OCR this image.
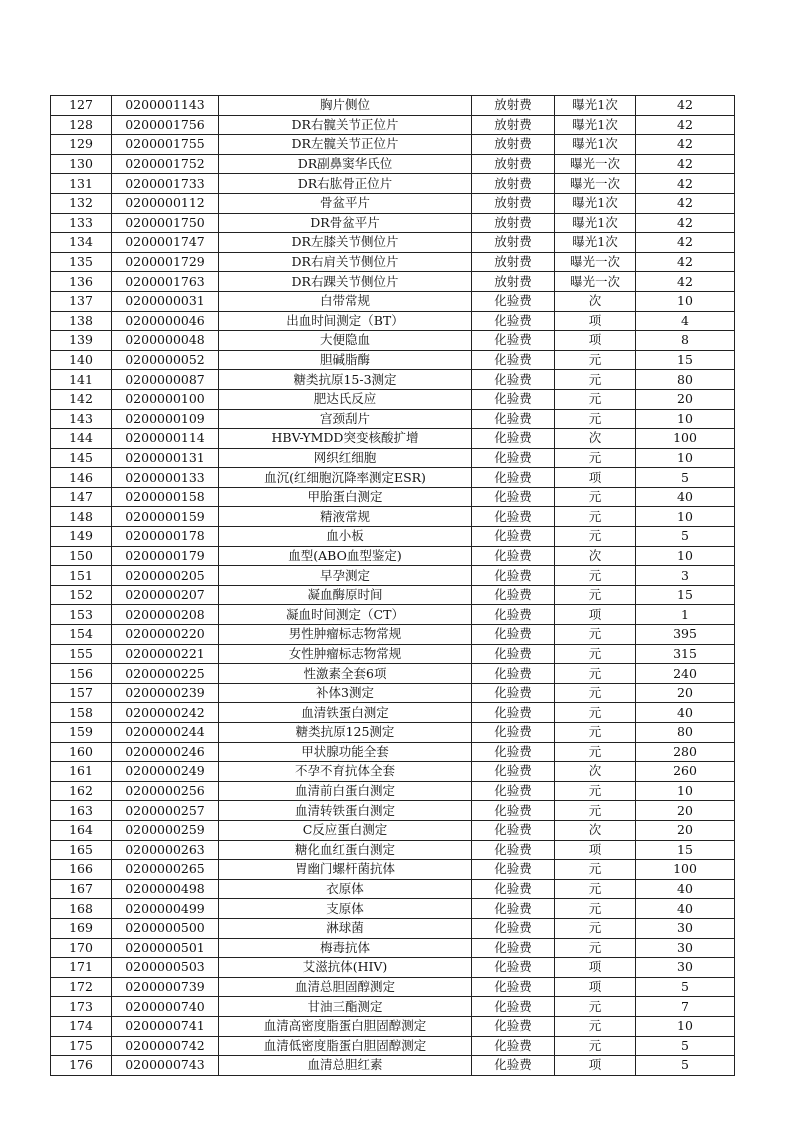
127	0200001143	胸片侧位	放射费	曝光1次	42
128	0200001756	DR右髋关节正位片	放射费	曝光1次	42
129	0200001755	DR左髋关节正位片	放射费	曝光1次	42
130	0200001752	DR副鼻窦华氏位	放射费	曝光一次	42
131	0200001733	DR右肱骨正位片	放射费	曝光一次	42
132	0200000112	骨盆平片	放射费	曝光1次	42
133	0200001750	DR骨盆平片	放射费	曝光1次	42
134	0200001747	DR左膝关节侧位片	放射费	曝光1次	42
135	0200001729	DR右肩关节侧位片	放射费	曝光一次	42
136	0200001763	DR右踝关节侧位片	放射费	曝光一次	42
137	0200000031	白带常规	化验费	次	10
138	0200000046	出血时间测定（BT）	化验费	项	4
139	0200000048	大便隐血	化验费	项	8
140	0200000052	胆碱脂酶	化验费	元	15
141	0200000087	糖类抗原15-3测定	化验费	元	80
142	0200000100	肥达氏反应	化验费	元	20
143	0200000109	宫颈刮片	化验费	元	10
144	0200000114	HBV-YMDD突变核酸扩增	化验费	次	100
145	0200000131	网织红细胞	化验费	元	10
146	0200000133	血沉(红细胞沉降率测定ESR)	化验费	项	5
147	0200000158	甲胎蛋白测定	化验费	元	40
148	0200000159	精液常规	化验费	元	10
149	0200000178	血小板	化验费	元	5
150	0200000179	血型(ABO血型鉴定)	化验费	次	10
151	0200000205	早孕测定	化验费	元	3
152	0200000207	凝血酶原时间	化验费	元	15
153	0200000208	凝血时间测定（CT）	化验费	项	1
154	0200000220	男性肿瘤标志物常规	化验费	元	395
155	0200000221	女性肿瘤标志物常规	化验费	元	315
156	0200000225	性激素全套6项	化验费	元	240
157	0200000239	补体3测定	化验费	元	20
158	0200000242	血清铁蛋白测定	化验费	元	40
159	0200000244	糖类抗原125测定	化验费	元	80
160	0200000246	甲状腺功能全套	化验费	元	280
161	0200000249	不孕不育抗体全套	化验费	次	260
162	0200000256	血清前白蛋白测定	化验费	元	10
163	0200000257	血清转铁蛋白测定	化验费	元	20
164	0200000259	C反应蛋白测定	化验费	次	20
165	0200000263	糖化血红蛋白测定	化验费	项	15
166	0200000265	胃幽门螺杆菌抗体	化验费	元	100
167	0200000498	衣原体	化验费	元	40
168	0200000499	支原体	化验费	元	40
169	0200000500	淋球菌	化验费	元	30
170	0200000501	梅毒抗体	化验费	元	30
171	0200000503	艾滋抗体(HIV)	化验费	项	30
172	0200000739	血清总胆固醇测定	化验费	项	5
173	0200000740	甘油三酯测定	化验费	元	7
174	0200000741	血清高密度脂蛋白胆固醇测定	化验费	元	10
175	0200000742	血清低密度脂蛋白胆固醇测定	化验费	元	5
176	0200000743	血清总胆红素	化验费	项	5
